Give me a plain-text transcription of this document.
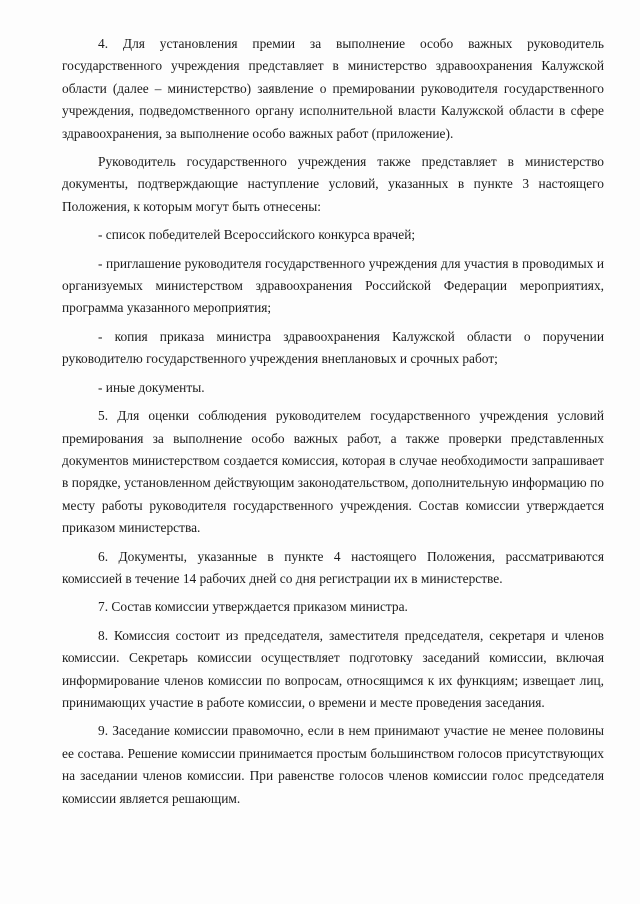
4. Для установления премии за выполнение особо важных руководитель государственного учреждения представляет в министерство здравоохранения Калужской области (далее – министерство) заявление о премировании руководителя государственного учреждения, подведомственного органу исполнительной власти Калужской области в сфере здравоохранения, за выполнение особо важных работ (приложение).

Руководитель государственного учреждения также представляет в министерство документы, подтверждающие наступление условий, указанных в пункте 3 настоящего Положения, к которым могут быть отнесены:

- список победителей Всероссийского конкурса врачей;

- приглашение руководителя государственного учреждения для участия в проводимых и организуемых министерством здравоохранения Российской Федерации мероприятиях, программа указанного мероприятия;

- копия приказа министра здравоохранения Калужской области о поручении руководителю государственного учреждения внеплановых и срочных работ;

- иные документы.

5. Для оценки соблюдения руководителем государственного учреждения условий премирования за выполнение особо важных работ, а также проверки представленных документов министерством создается комиссия, которая в случае необходимости запрашивает в порядке, установленном действующим законодательством, дополнительную информацию по месту работы руководителя государственного учреждения. Состав комиссии утверждается приказом министерства.

6. Документы, указанные в пункте 4 настоящего Положения, рассматриваются комиссией в течение 14 рабочих дней со дня регистрации их в министерстве.

7. Состав комиссии утверждается приказом министра.

8. Комиссия состоит из председателя, заместителя председателя, секретаря и членов комиссии. Секретарь комиссии осуществляет подготовку заседаний комиссии, включая информирование членов комиссии по вопросам, относящимся к их функциям; извещает лиц, принимающих участие в работе комиссии, о времени и месте проведения заседания.

9. Заседание комиссии правомочно, если в нем принимают участие не менее половины ее состава. Решение комиссии принимается простым большинством голосов присутствующих на заседании членов комиссии. При равенстве голосов членов комиссии голос председателя комиссии является решающим.
